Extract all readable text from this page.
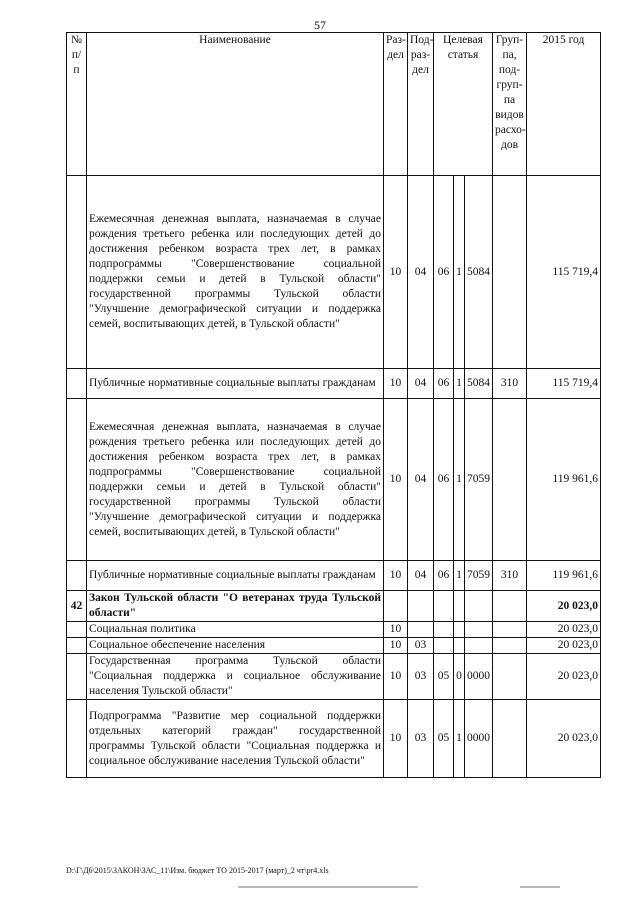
57
№ п/п	Наименование	Раз- дел	Под- раз- дел	Целевая статья			Груп- па, под- груп- па видов расхо- дов	2015 год
	Ежемесячная денежная выплата, назначаемая в случае рождения третьего ребенка или последующих детей до достижения ребенком возраста трех лет, в рамках подпрограммы "Совершенствование социальной поддержки семьи и детей в Тульской области" государственной программы Тульской области "Улучшение демографической ситуации и поддержка семей, воспитывающих детей, в Тульской области"	10	04	06	1	5084		115 719,4
	Публичные нормативные социальные выплаты гражданам	10	04	06	1	5084	310	115 719,4
	Ежемесячная денежная выплата, назначаемая в случае рождения третьего ребенка или последующих детей до достижения ребенком возраста трех лет, в рамках подпрограммы "Совершенствование социальной поддержки семьи и детей в Тульской области" государственной программы Тульской области "Улучшение демографической ситуации и поддержка семей, воспитывающих детей, в Тульской области"	10	04	06	1	7059		119 961,6
	Публичные нормативные социальные выплаты гражданам	10	04	06	1	7059	310	119 961,6
42	Закон Тульской области "О ветеранах труда Тульской области"							20 023,0
	Социальная политика	10						20 023,0
	Социальное обеспечение населения	10	03					20 023,0
	Государственная программа Тульской области "Социальная поддержка и социальное обслуживание населения Тульской области"	10	03	05	0	0000		20 023,0
	Подпрограмма "Развитие мер социальной поддержки отдельных категорий граждан" государственной программы Тульской области "Социальная поддержка и социальное обслуживание населения Тульской области"	10	03	05	1	0000		20 023,0
D:\Г\Д6\2015\ЗАКОН\ЗАС_11\Изм. бюджет ТО 2015-2017 (март)_2 чт\pr4.xls
